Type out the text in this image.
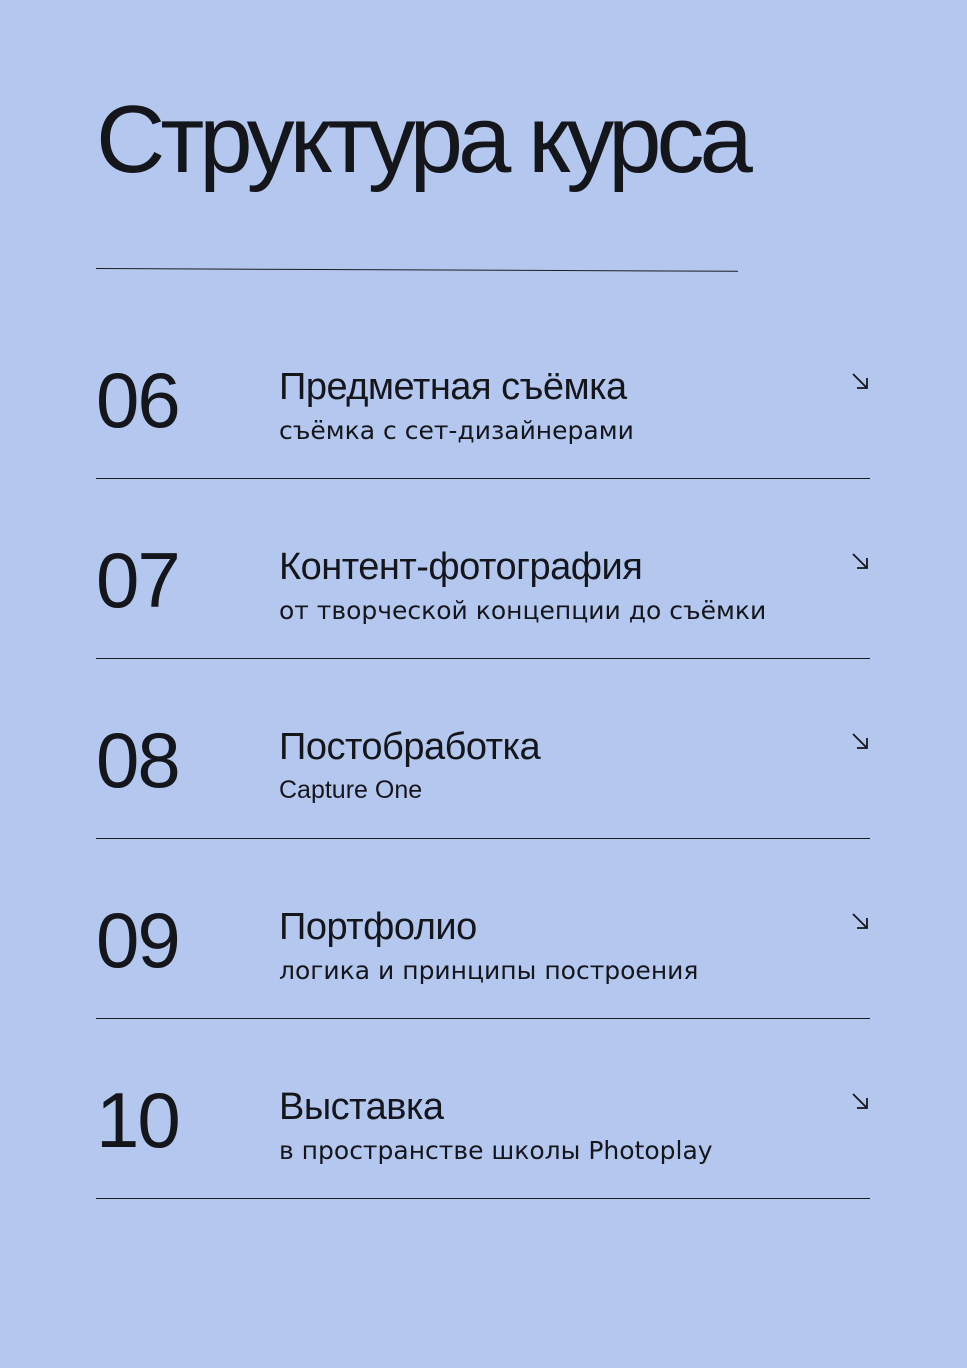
Структура курса
06	Предметная съёмка
съёмка с сет-дизайнерами
07	Контент-фотография
от творческой концепции до съёмки
08	Постобработка
Capture One
09	Портфолио
логика и принципы построения
10	Выставка
в пространстве школы Photoplay
